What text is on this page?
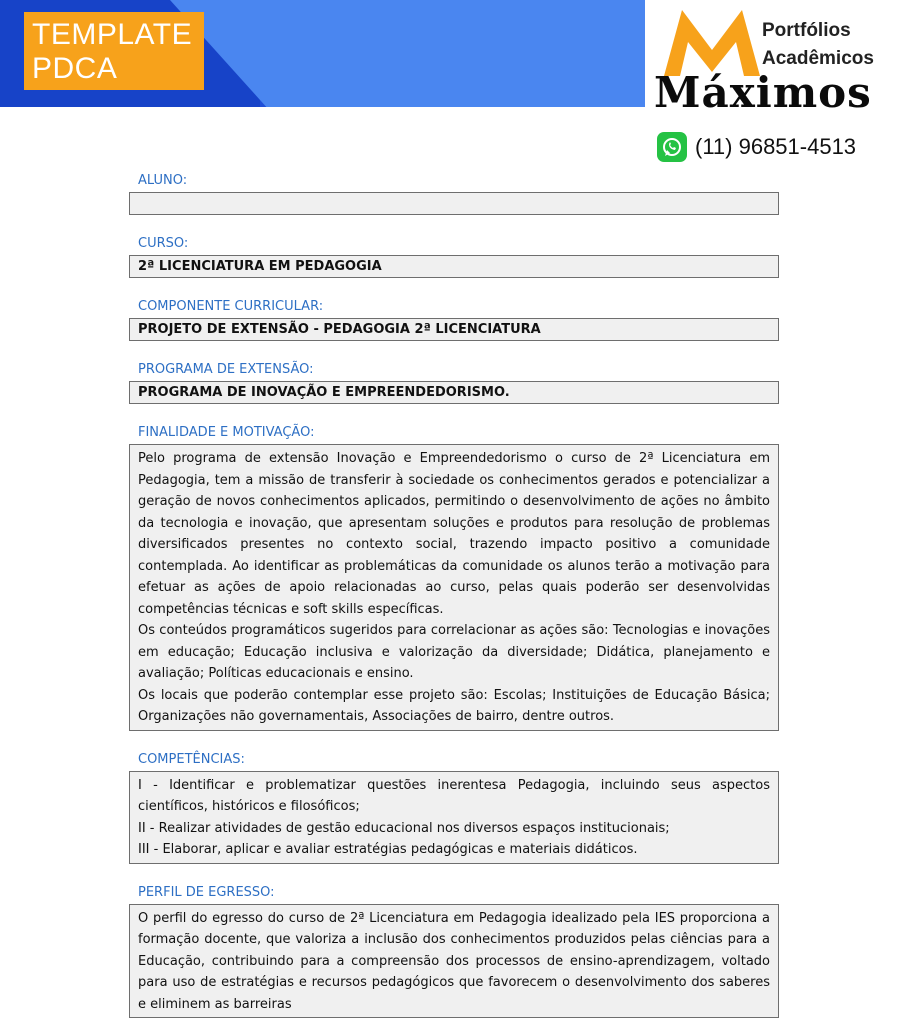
TEMPLATE
PDCA
Portfólios
Acadêmicos
Máximos
(11) 96851-4513
ALUNO:
CURSO:
2ª LICENCIATURA EM PEDAGOGIA
COMPONENTE CURRICULAR:
PROJETO DE EXTENSÃO - PEDAGOGIA 2ª LICENCIATURA
PROGRAMA DE EXTENSÃO:
PROGRAMA DE INOVAÇÃO E EMPREENDEDORISMO.
FINALIDADE E MOTIVAÇÃO:

Pelo programa de extensão Inovação e Empreendedorismo o curso de 2ª Licenciatura em Pedagogia, tem a missão de transferir à sociedade os conhecimentos gerados e potencializar a geração de novos conhecimentos aplicados, permitindo o desenvolvimento de ações no âmbito da tecnologia e inovação, que apresentam soluções e produtos para resolução de problemas diversificados presentes no contexto social, trazendo impacto positivo a comunidade contemplada. Ao identificar as problemáticas da comunidade os alunos terão a motivação para efetuar as ações de apoio relacionadas ao curso, pelas quais poderão ser desenvolvidas competências técnicas e soft skills específicas.

Os conteúdos programáticos sugeridos para correlacionar as ações são: Tecnologias e inovações em educação; Educação inclusiva e valorização da diversidade; Didática, planejamento e avaliação; Políticas educacionais e ensino.

Os locais que poderão contemplar esse projeto são: Escolas; Instituições de Educação Básica; Organizações não governamentais, Associações de bairro, dentre outros.

COMPETÊNCIAS:

I - Identificar e problematizar questões inerentesa Pedagogia, incluindo seus aspectos científicos, históricos e filosóficos;

II - Realizar atividades de gestão educacional nos diversos espaços institucionais;

III - Elaborar, aplicar e avaliar estratégias pedagógicas e materiais didáticos.

PERFIL DE EGRESSO:

O perfil do egresso do curso de 2ª Licenciatura em Pedagogia idealizado pela IES proporciona a formação docente, que valoriza a inclusão dos conhecimentos produzidos pelas ciências para a Educação, contribuindo para a compreensão dos processos de ensino-aprendizagem, voltado para uso de estratégias e recursos pedagógicos que favorecem o desenvolvimento dos saberes e eliminem as barreiras
